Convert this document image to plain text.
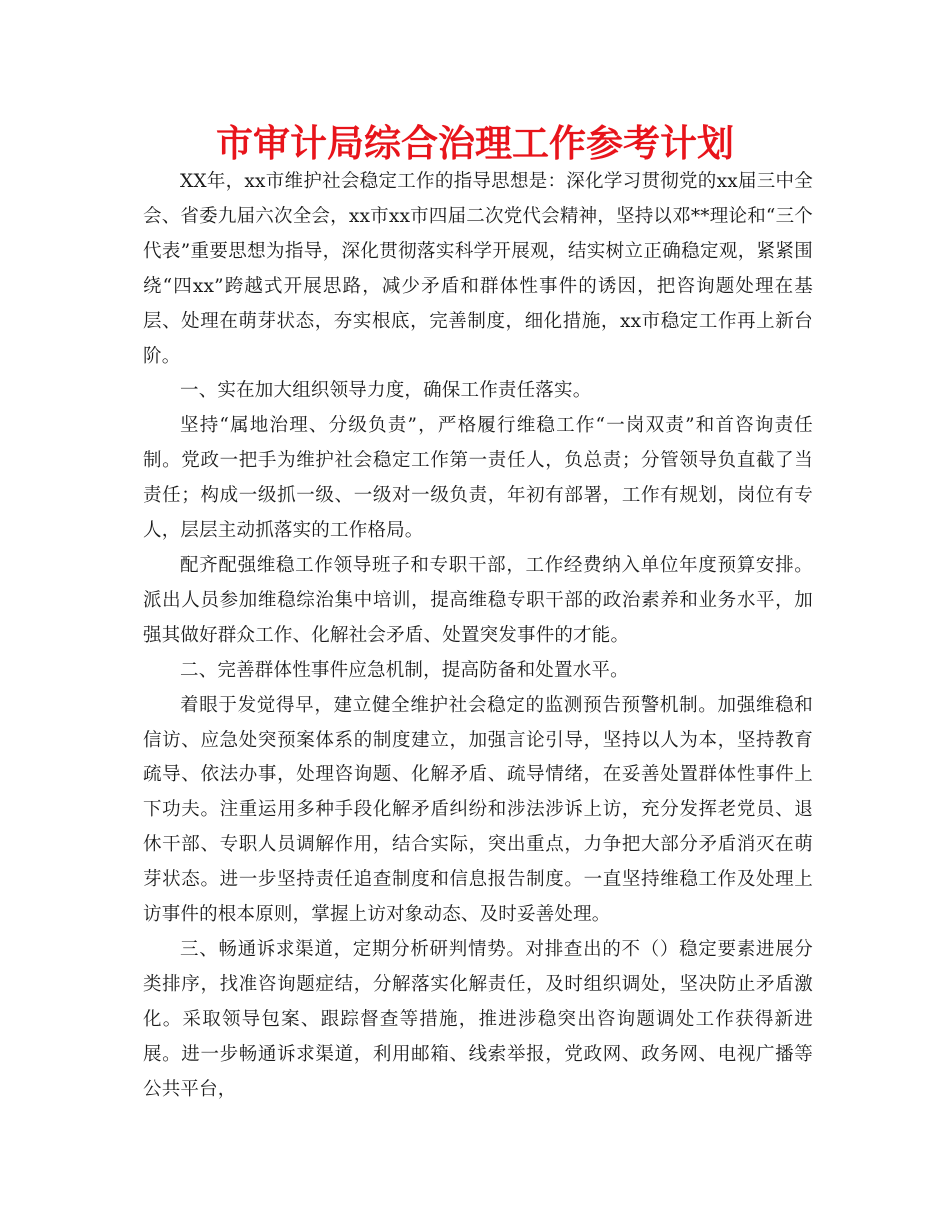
市审计局综合治理工作参考计划

XX年，xx市维护社会稳定工作的指导思想是：深化学习贯彻党的xx届三中全会、省委九届六次全会，xx市xx市四届二次党代会精神，坚持以邓**理论和“三个代表”重要思想为指导，深化贯彻落实科学开展观，结实树立正确稳定观，紧紧围绕“四xx”跨越式开展思路，减少矛盾和群体性事件的诱因，把咨询题处理在基层、处理在萌芽状态，夯实根底，完善制度，细化措施，xx市稳定工作再上新台阶。

一、实在加大组织领导力度，确保工作责任落实。

坚持“属地治理、分级负责”，严格履行维稳工作“一岗双责”和首咨询责任制。党政一把手为维护社会稳定工作第一责任人，负总责；分管领导负直截了当责任；构成一级抓一级、一级对一级负责，年初有部署，工作有规划，岗位有专人，层层主动抓落实的工作格局。

配齐配强维稳工作领导班子和专职干部，工作经费纳入单位年度预算安排。派出人员参加维稳综治集中培训，提高维稳专职干部的政治素养和业务水平，加强其做好群众工作、化解社会矛盾、处置突发事件的才能。

二、完善群体性事件应急机制，提高防备和处置水平。

着眼于发觉得早，建立健全维护社会稳定的监测预告预警机制。加强维稳和信访、应急处突预案体系的制度建立，加强言论引导，坚持以人为本，坚持教育疏导、依法办事，处理咨询题、化解矛盾、疏导情绪，在妥善处置群体性事件上下功夫。注重运用多种手段化解矛盾纠纷和涉法涉诉上访，充分发挥老党员、退休干部、专职人员调解作用，结合实际，突出重点，力争把大部分矛盾消灭在萌芽状态。进一步坚持责任追查制度和信息报告制度。一直坚持维稳工作及处理上访事件的根本原则，掌握上访对象动态、及时妥善处理。

三、畅通诉求渠道，定期分析研判情势。对排查出的不（）稳定要素进展分类排序，找准咨询题症结，分解落实化解责任，及时组织调处，坚决防止矛盾激化。采取领导包案、跟踪督查等措施，推进涉稳突出咨询题调处工作获得新进展。进一步畅通诉求渠道，利用邮箱、线索举报，党政网、政务网、电视广播等公共平台，
